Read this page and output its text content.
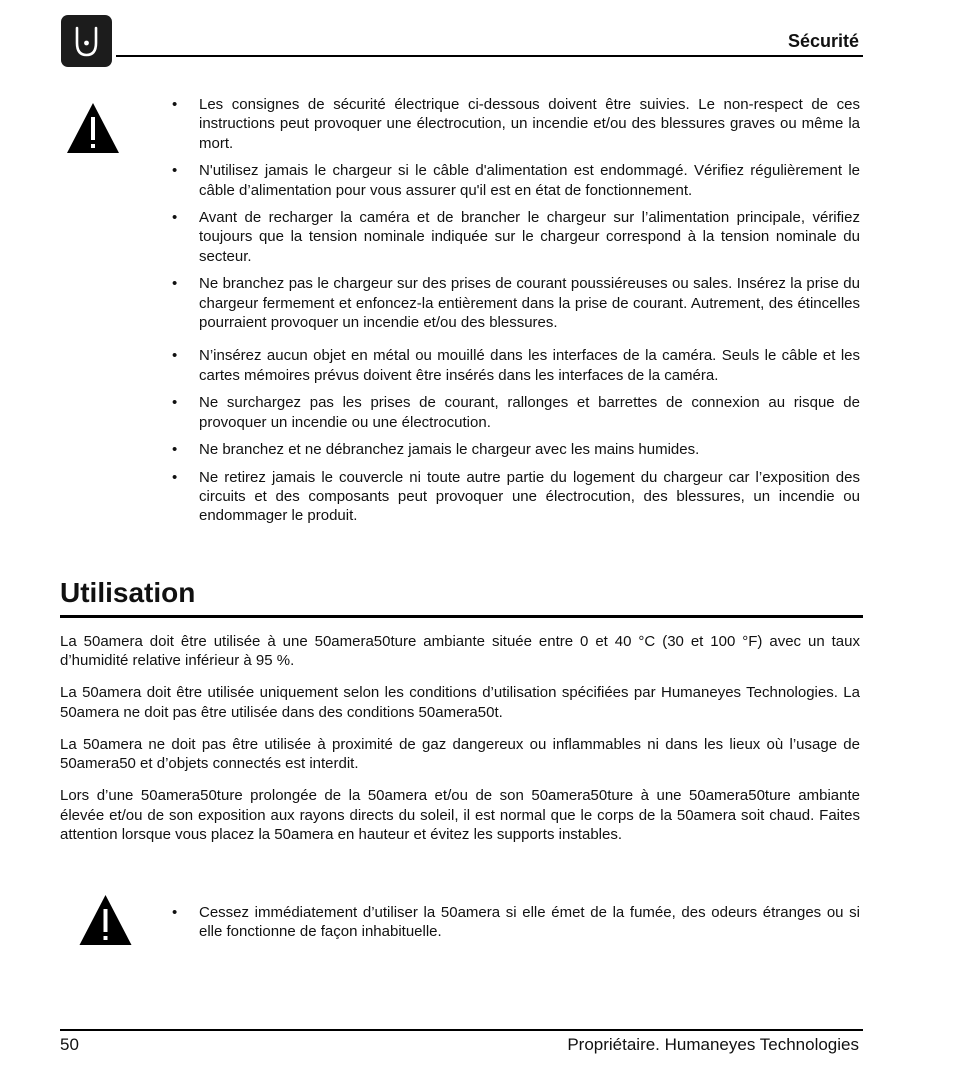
Sécurité
• Les consignes de sécurité électrique ci-dessous doivent être suivies. Le non-respect de ces instructions peut provoquer une électrocution, un incendie et/ou des blessures graves ou même la mort.
• N'utilisez jamais le chargeur si le câble d'alimentation est endommagé. Vérifiez régulièrement le câble d’alimentation pour vous assurer qu'il est en état de fonctionnement.
• Avant de recharger la caméra et de brancher le chargeur sur l’alimentation principale, vérifiez toujours que la tension nominale indiquée sur le chargeur correspond à la tension nominale du secteur.
• Ne branchez pas le chargeur sur des prises de courant poussiéreuses ou sales. Insérez la prise du chargeur fermement et enfoncez-la entièrement dans la prise de courant. Autrement, des étincelles pourraient provoquer un incendie et/ou des blessures.
• N’insérez aucun objet en métal ou mouillé dans les interfaces de la caméra. Seuls le câble et les cartes mémoires prévus doivent être insérés dans les interfaces de la caméra.
• Ne surchargez pas les prises de courant, rallonges et barrettes de connexion au risque de provoquer un incendie ou une électrocution.
• Ne branchez et ne débranchez jamais le chargeur avec les mains humides.
• Ne retirez jamais le couvercle ni toute autre partie du logement du chargeur car l’exposition des circuits et des composants peut provoquer une électrocution, des blessures, un incendie ou endommager le produit.
Utilisation

La 50amera doit être utilisée à une 50amera50ture ambiante située entre 0 et 40 °C (30 et 100 °F) avec un taux d’humidité relative inférieur à 95 %.

La 50amera doit être utilisée uniquement selon les conditions d’utilisation spécifiées par Humaneyes Technologies. La 50amera ne doit pas être utilisée dans des conditions 50amera50t.

La 50amera ne doit pas être utilisée à proximité de gaz dangereux ou inflammables ni dans les lieux où l’usage de 50amera50 et d’objets connectés est interdit.

Lors d’une 50amera50ture prolongée de la 50amera et/ou de son 50amera50ture à une 50amera50ture ambiante élevée et/ou de son exposition aux rayons directs du soleil, il est normal que le corps de la 50amera soit chaud. Faites attention lorsque vous placez la 50amera en hauteur et évitez les supports instables.

• Cessez immédiatement d’utiliser la 50amera si elle émet de la fumée, des odeurs étranges ou si elle fonctionne de façon inhabituelle.
50	Propriétaire. Humaneyes Technologies
